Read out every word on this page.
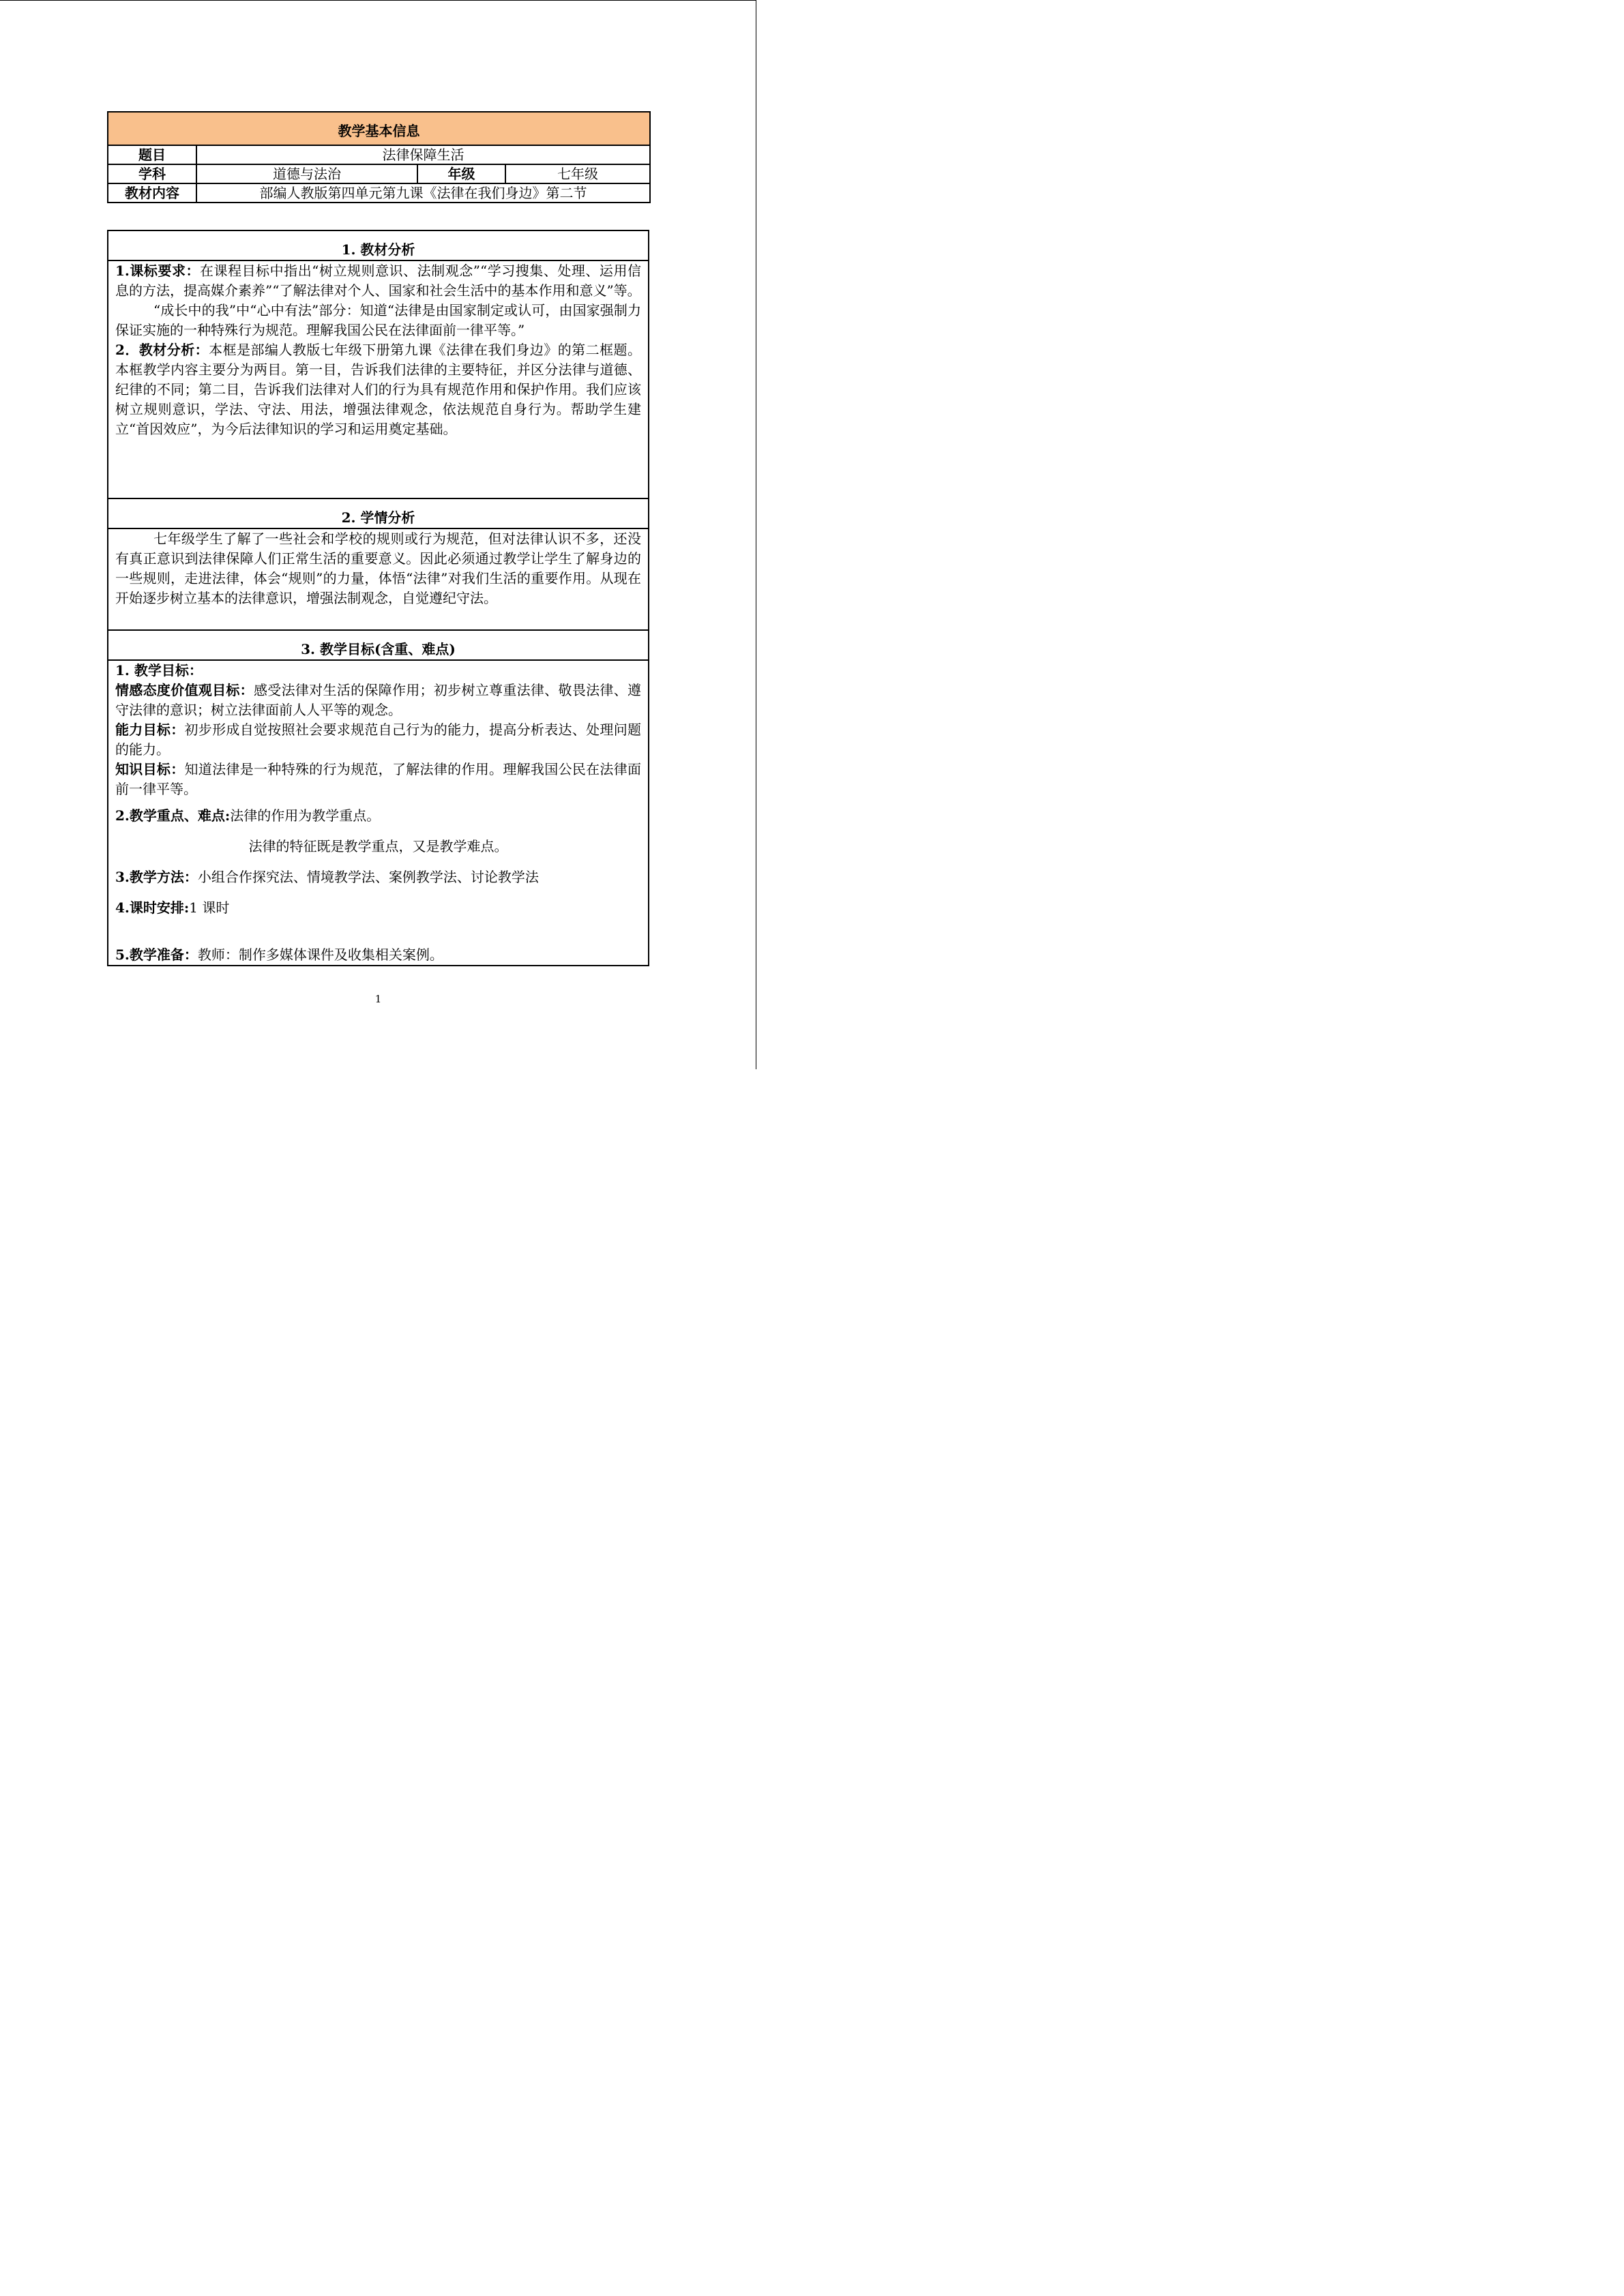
教学基本信息			
题目	法律保障生活		
学科	道德与法治	年级	七年级
教材内容	部编人教版第四单元第九课《法律在我们身边》第二节		
1. 教材分析

1.课标要求：在课程目标中指出“树立规则意识、法制观念”“学习搜集、处理、运用信息的方法，提高媒介素养”“了解法律对个人、国家和社会生活中的基本作用和意义”等。

“成长中的我”中“心中有法”部分：知道“法律是由国家制定或认可，由国家强制力保证实施的一种特殊行为规范。理解我国公民在法律面前一律平等。”

2．教材分析：本框是部编人教版七年级下册第九课《法律在我们身边》的第二框题。本框教学内容主要分为两目。第一目，告诉我们法律的主要特征，并区分法律与道德、纪律的不同；第二目，告诉我们法律对人们的行为具有规范作用和保护作用。我们应该树立规则意识，学法、守法、用法，增强法律观念，依法规范自身行为。帮助学生建立“首因效应”，为今后法律知识的学习和运用奠定基础。

2. 学情分析

七年级学生了解了一些社会和学校的规则或行为规范，但对法律认识不多，还没有真正意识到法律保障人们正常生活的重要意义。因此必须通过教学让学生了解身边的一些规则，走进法律，体会“规则”的力量，体悟“法律”对我们生活的重要作用。从现在开始逐步树立基本的法律意识，增强法制观念，自觉遵纪守法。

3. 教学目标(含重、难点)

1. 教学目标：

情感态度价值观目标：感受法律对生活的保障作用；初步树立尊重法律、敬畏法律、遵守法律的意识；树立法律面前人人平等的观念。

能力目标：初步形成自觉按照社会要求规范自己行为的能力，提高分析表达、处理问题的能力。

知识目标：知道法律是一种特殊的行为规范，了解法律的作用。理解我国公民在法律面前一律平等。

2.教学重点、难点:法律的作用为教学重点。

法律的特征既是教学重点，又是教学难点。

3.教学方法：小组合作探究法、情境教学法、案例教学法、讨论教学法

4.课时安排:1 课时

5.教学准备：教师：制作多媒体课件及收集相关案例。

1
